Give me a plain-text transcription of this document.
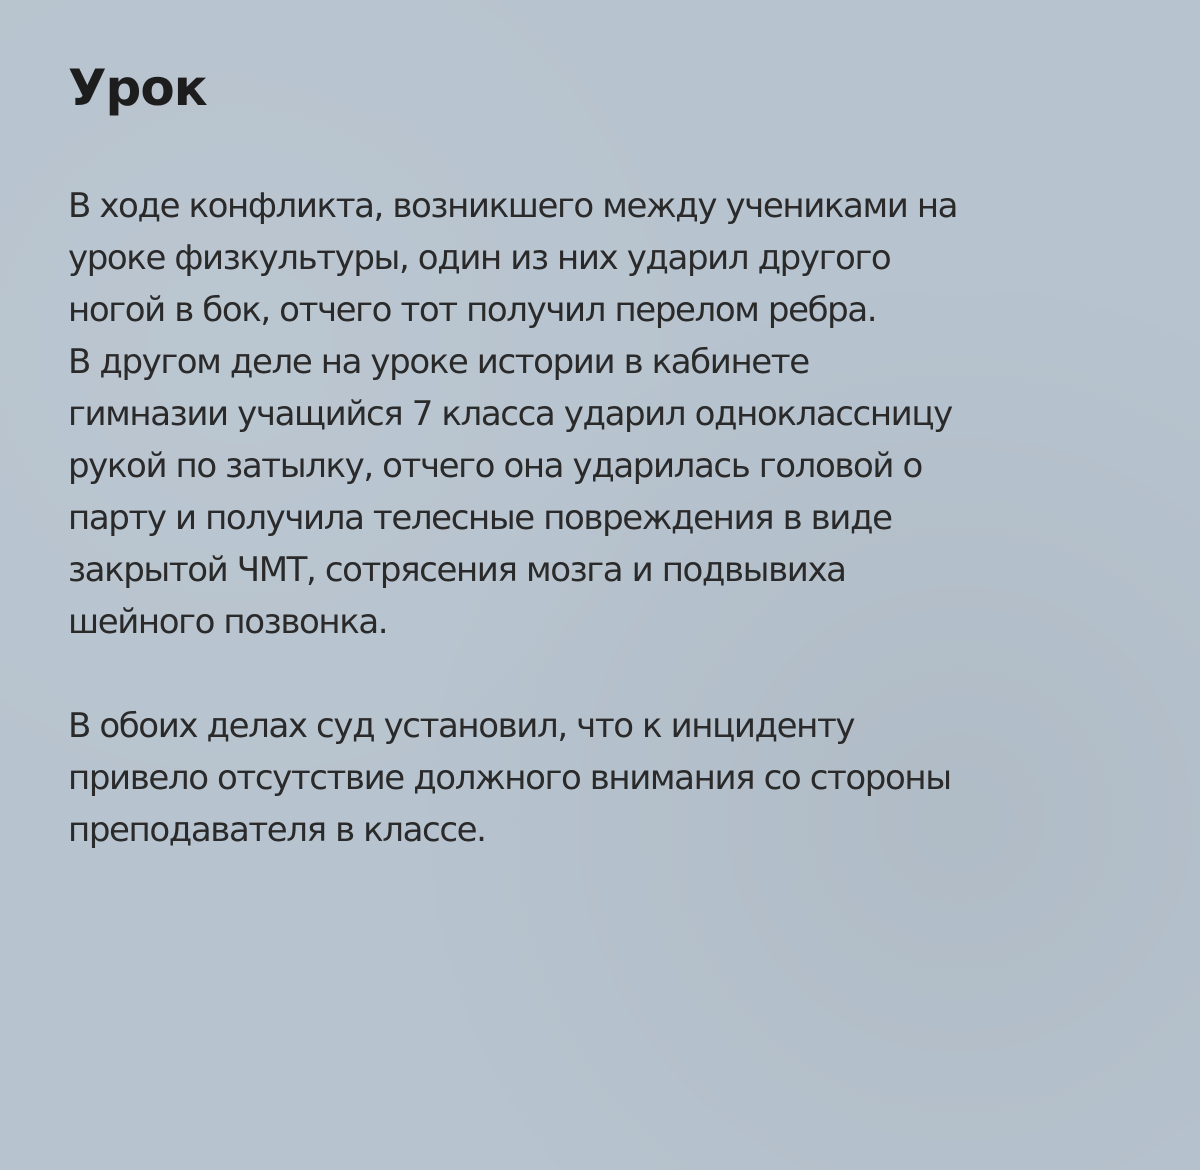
Урок
В ходе конфликта, возникшего между учениками на
уроке физкультуры, один из них ударил другого
ногой в бок, отчего тот получил перелом ребра.
В другом деле на уроке истории в кабинете
гимназии учащийся 7 класса ударил одноклассницу
рукой по затылку, отчего она ударилась головой о
парту и получила телесные повреждения в виде
закрытой ЧМТ, сотрясения мозга и подвывиха
шейного позвонка.
В обоих делах суд установил, что к инциденту
привело отсутствие должного внимания со стороны
преподавателя в классе.
